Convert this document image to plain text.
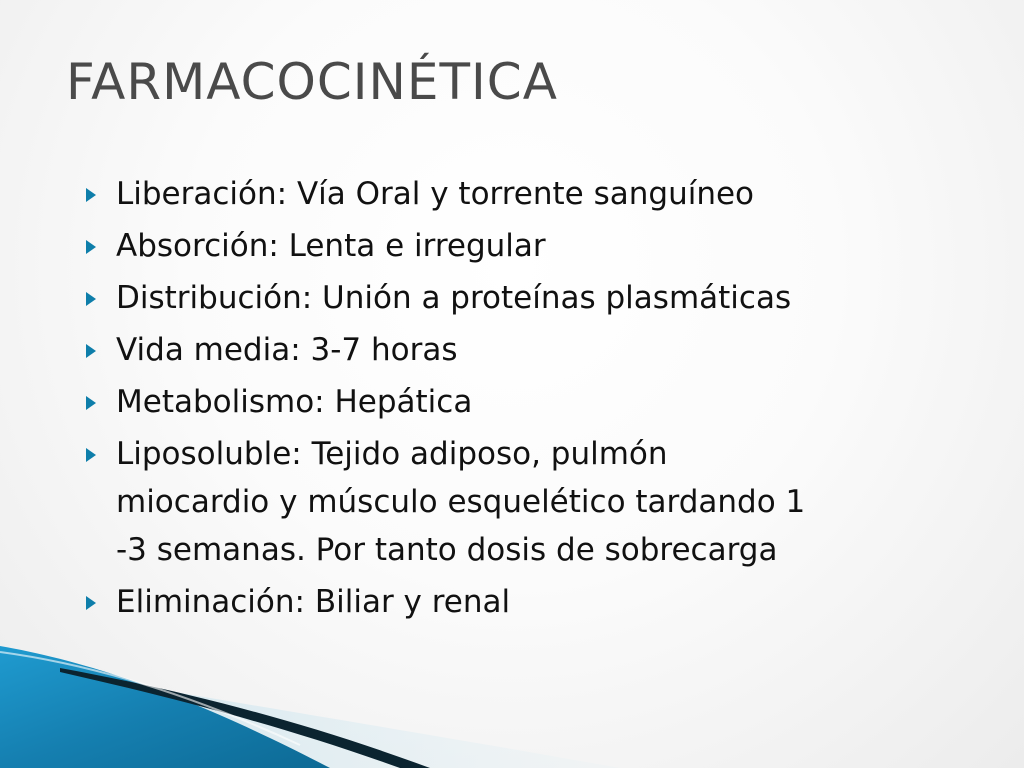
FARMACOCINÉTICA
Liberación: Vía Oral y torrente sanguíneo
Absorción: Lenta e irregular
Distribución: Unión a proteínas plasmáticas
Vida media: 3-7 horas
Metabolismo: Hepática
Liposoluble: Tejido adiposo, pulmón
miocardio y músculo esquelético tardando 1
-3 semanas. Por tanto dosis de sobrecarga
Eliminación: Biliar y renal
